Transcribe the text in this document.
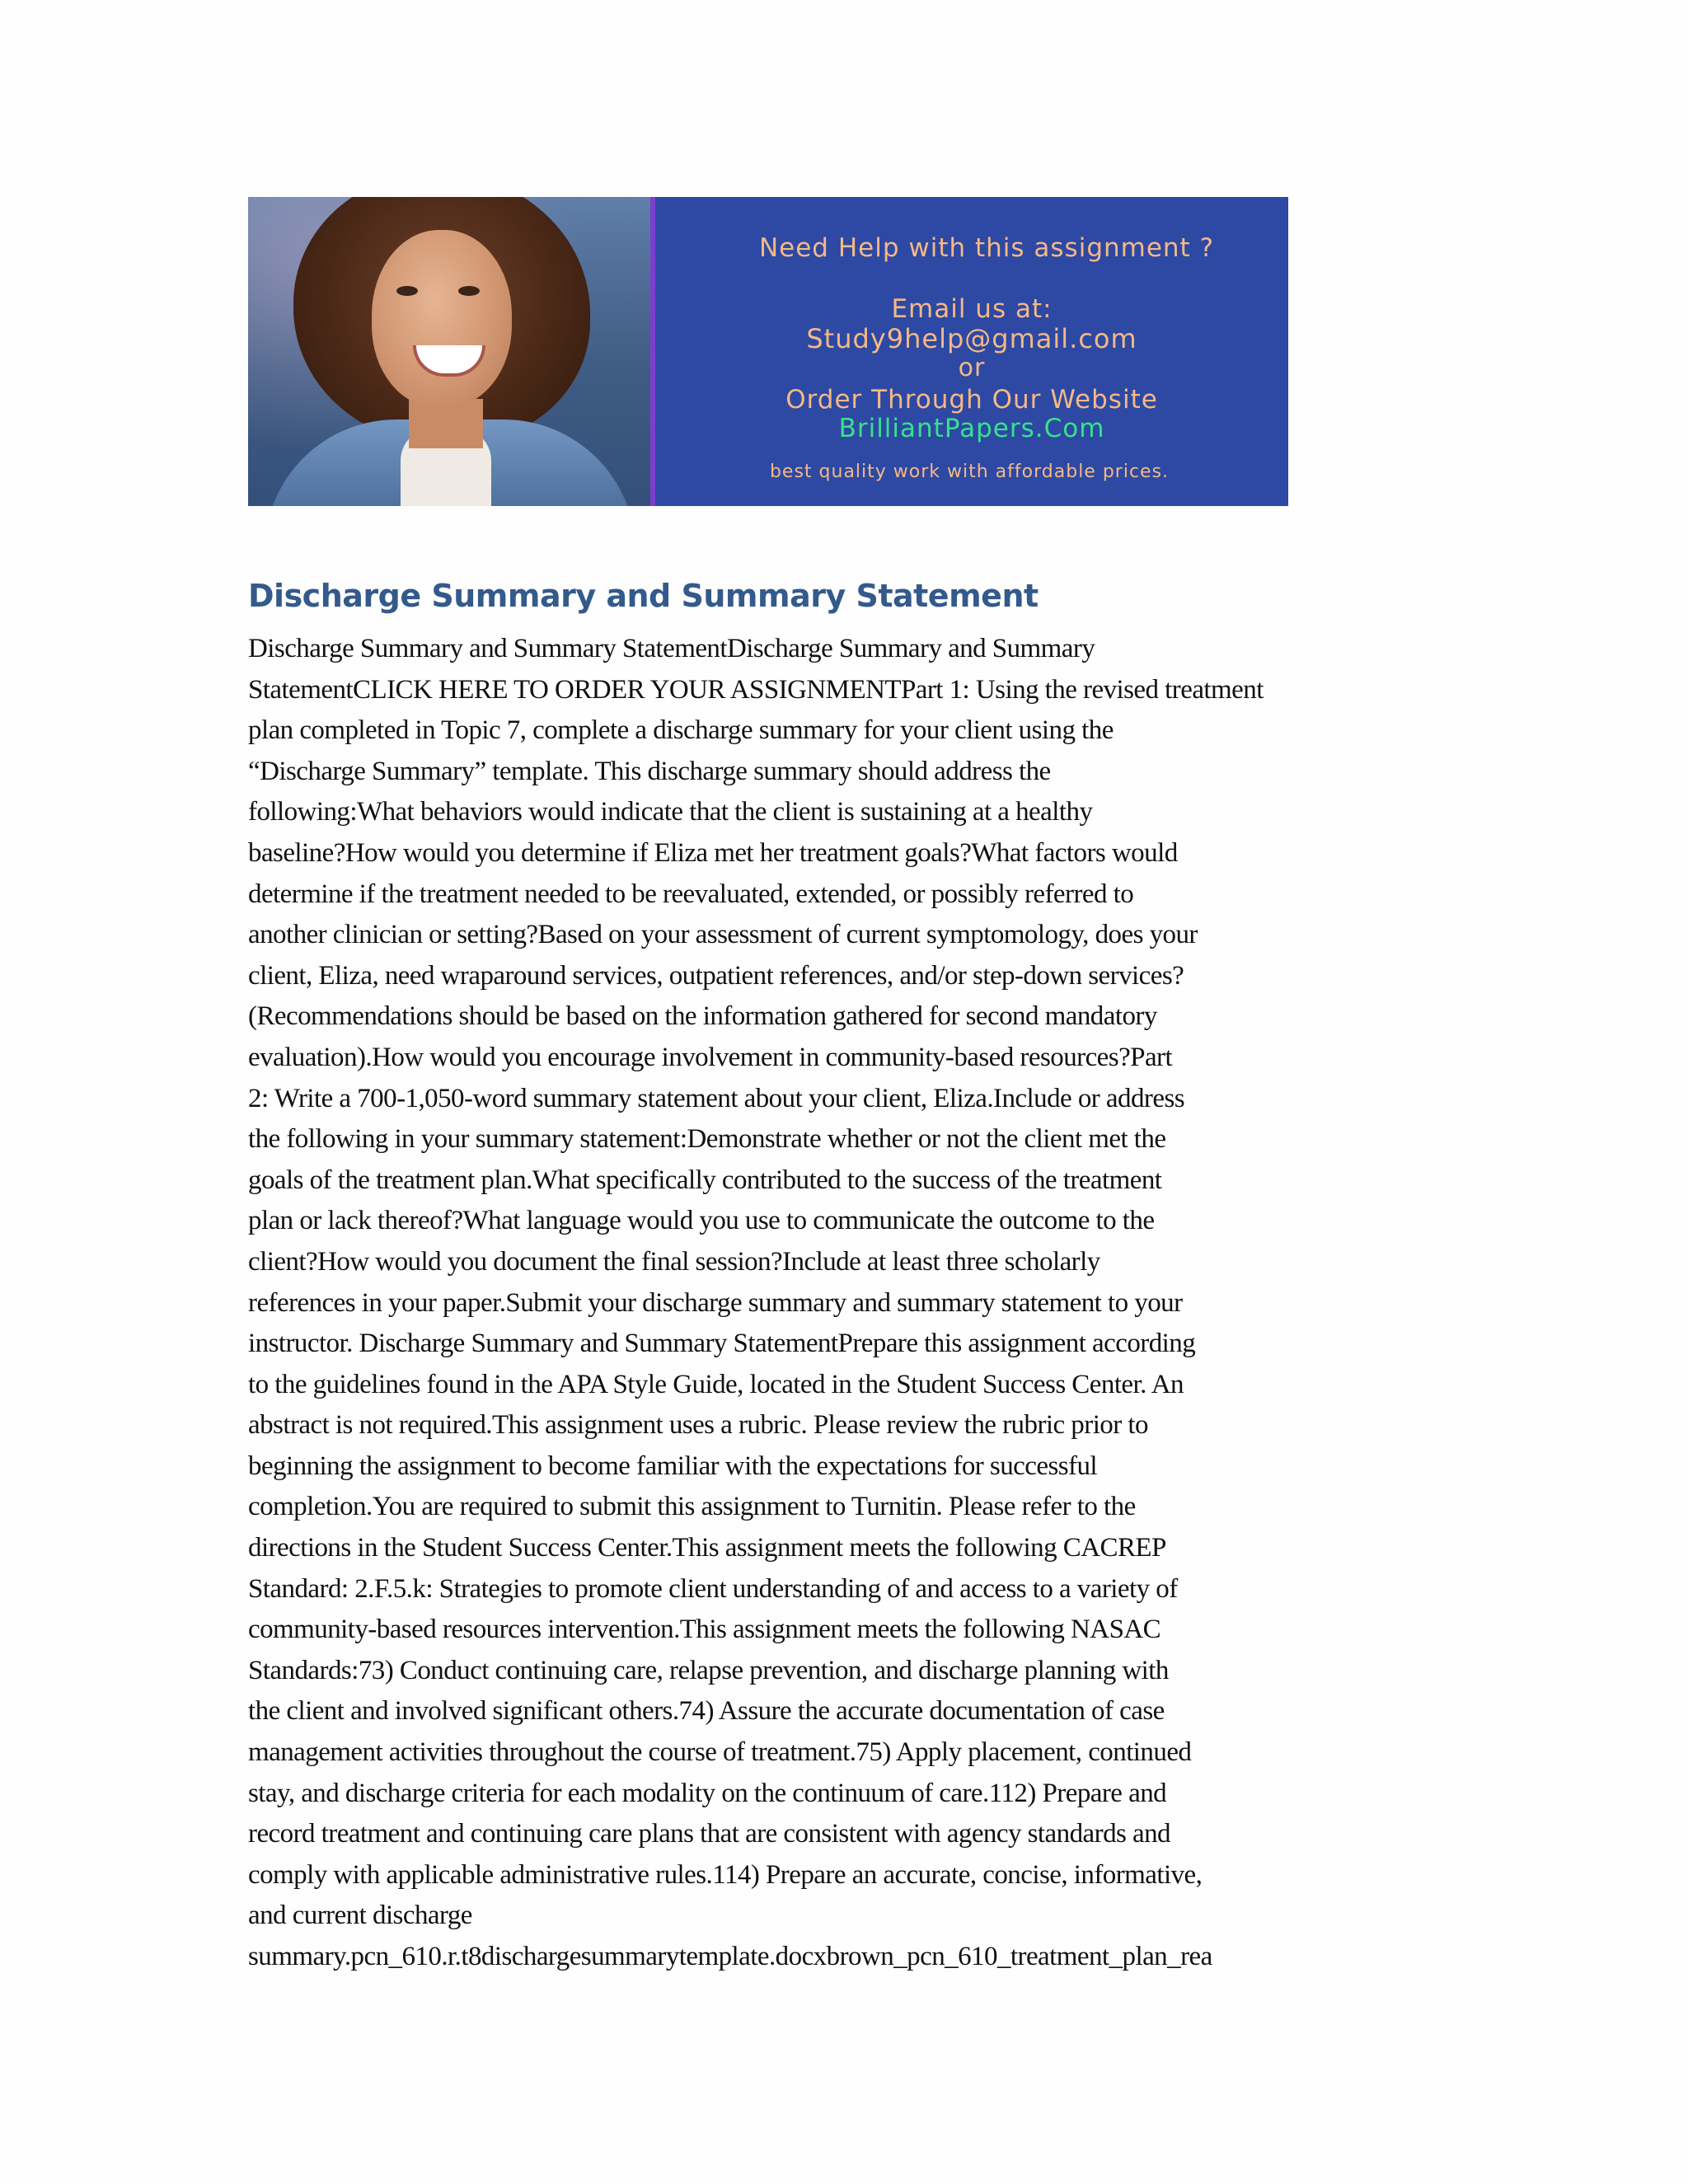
Need Help with this assignment ?
Email us at:
Study9help@gmail.com
or
Order Through Our Website
BrilliantPapers.Com
best quality work with affordable prices.
Discharge Summary and Summary Statement
Discharge Summary and Summary StatementDischarge Summary and Summary
StatementCLICK HERE TO ORDER YOUR ASSIGNMENTPart 1: Using the revised treatment
plan completed in Topic 7, complete a discharge summary for your client using the
“Discharge Summary” template. This discharge summary should address the
following:What behaviors would indicate that the client is sustaining at a healthy
baseline?How would you determine if Eliza met her treatment goals?What factors would
determine if the treatment needed to be reevaluated, extended, or possibly referred to
another clinician or setting?Based on your assessment of current symptomology, does your
client, Eliza, need wraparound services, outpatient references, and/or step-down services?
(Recommendations should be based on the information gathered for second mandatory
evaluation).How would you encourage involvement in community-based resources?Part
2: Write a 700-1,050-word summary statement about your client, Eliza.Include or address
the following in your summary statement:Demonstrate whether or not the client met the
goals of the treatment plan.What specifically contributed to the success of the treatment
plan or lack thereof?What language would you use to communicate the outcome to the
client?How would you document the final session?Include at least three scholarly
references in your paper.Submit your discharge summary and summary statement to your
instructor. Discharge Summary and Summary StatementPrepare this assignment according
to the guidelines found in the APA Style Guide, located in the Student Success Center. An
abstract is not required.This assignment uses a rubric. Please review the rubric prior to
beginning the assignment to become familiar with the expectations for successful
completion.You are required to submit this assignment to Turnitin. Please refer to the
directions in the Student Success Center.This assignment meets the following CACREP
Standard: 2.F.5.k: Strategies to promote client understanding of and access to a variety of
community-based resources intervention.This assignment meets the following NASAC
Standards:73) Conduct continuing care, relapse prevention, and discharge planning with
the client and involved significant others.74) Assure the accurate documentation of case
management activities throughout the course of treatment.75) Apply placement, continued
stay, and discharge criteria for each modality on the continuum of care.112) Prepare and
record treatment and continuing care plans that are consistent with agency standards and
comply with applicable administrative rules.114) Prepare an accurate, concise, informative,
and current discharge
summary.pcn_610.r.t8dischargesummarytemplate.docxbrown_pcn_610_treatment_plan_rea
